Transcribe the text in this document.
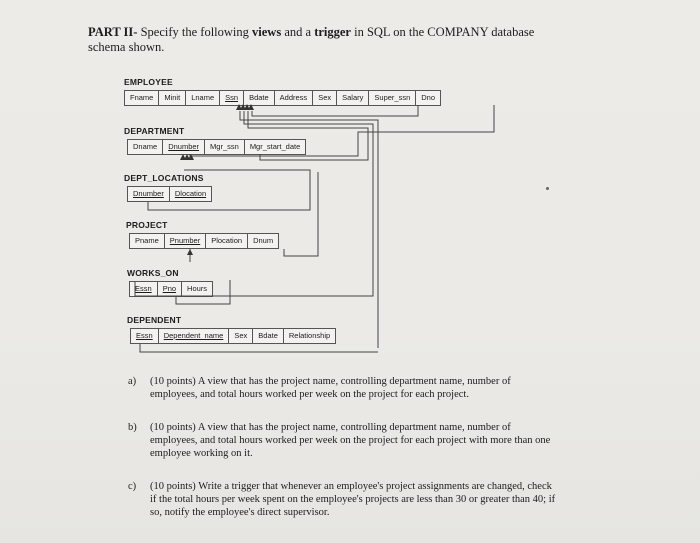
PART II- Specify the following views and a trigger in SQL on the COMPANY database schema shown.
EMPLOYEE
Fname	Minit	Lname	Ssn	Bdate	Address	Sex	Salary	Super_ssn	Dno
DEPARTMENT
Dname	Dnumber	Mgr_ssn	Mgr_start_date
DEPT_LOCATIONS
Dnumber	Dlocation
PROJECT
Pname	Pnumber	Plocation	Dnum
WORKS_ON
Essn	Pno	Hours
DEPENDENT
Essn	Dependent_name	Sex	Bdate	Relationship
a)	(10 points) A view that has the project name, controlling department name, number of employees, and total hours worked per week on the project for each project.
b)	(10 points) A view that has the project name, controlling department name, number of employees, and total hours worked per week on the project for each project with more than one employee working on it.
c)	(10 points) Write a trigger that whenever an employee's project assignments are changed, check if the total hours per week spent on the employee's projects are less than 30 or greater than 40; if so, notify the employee's direct supervisor.
